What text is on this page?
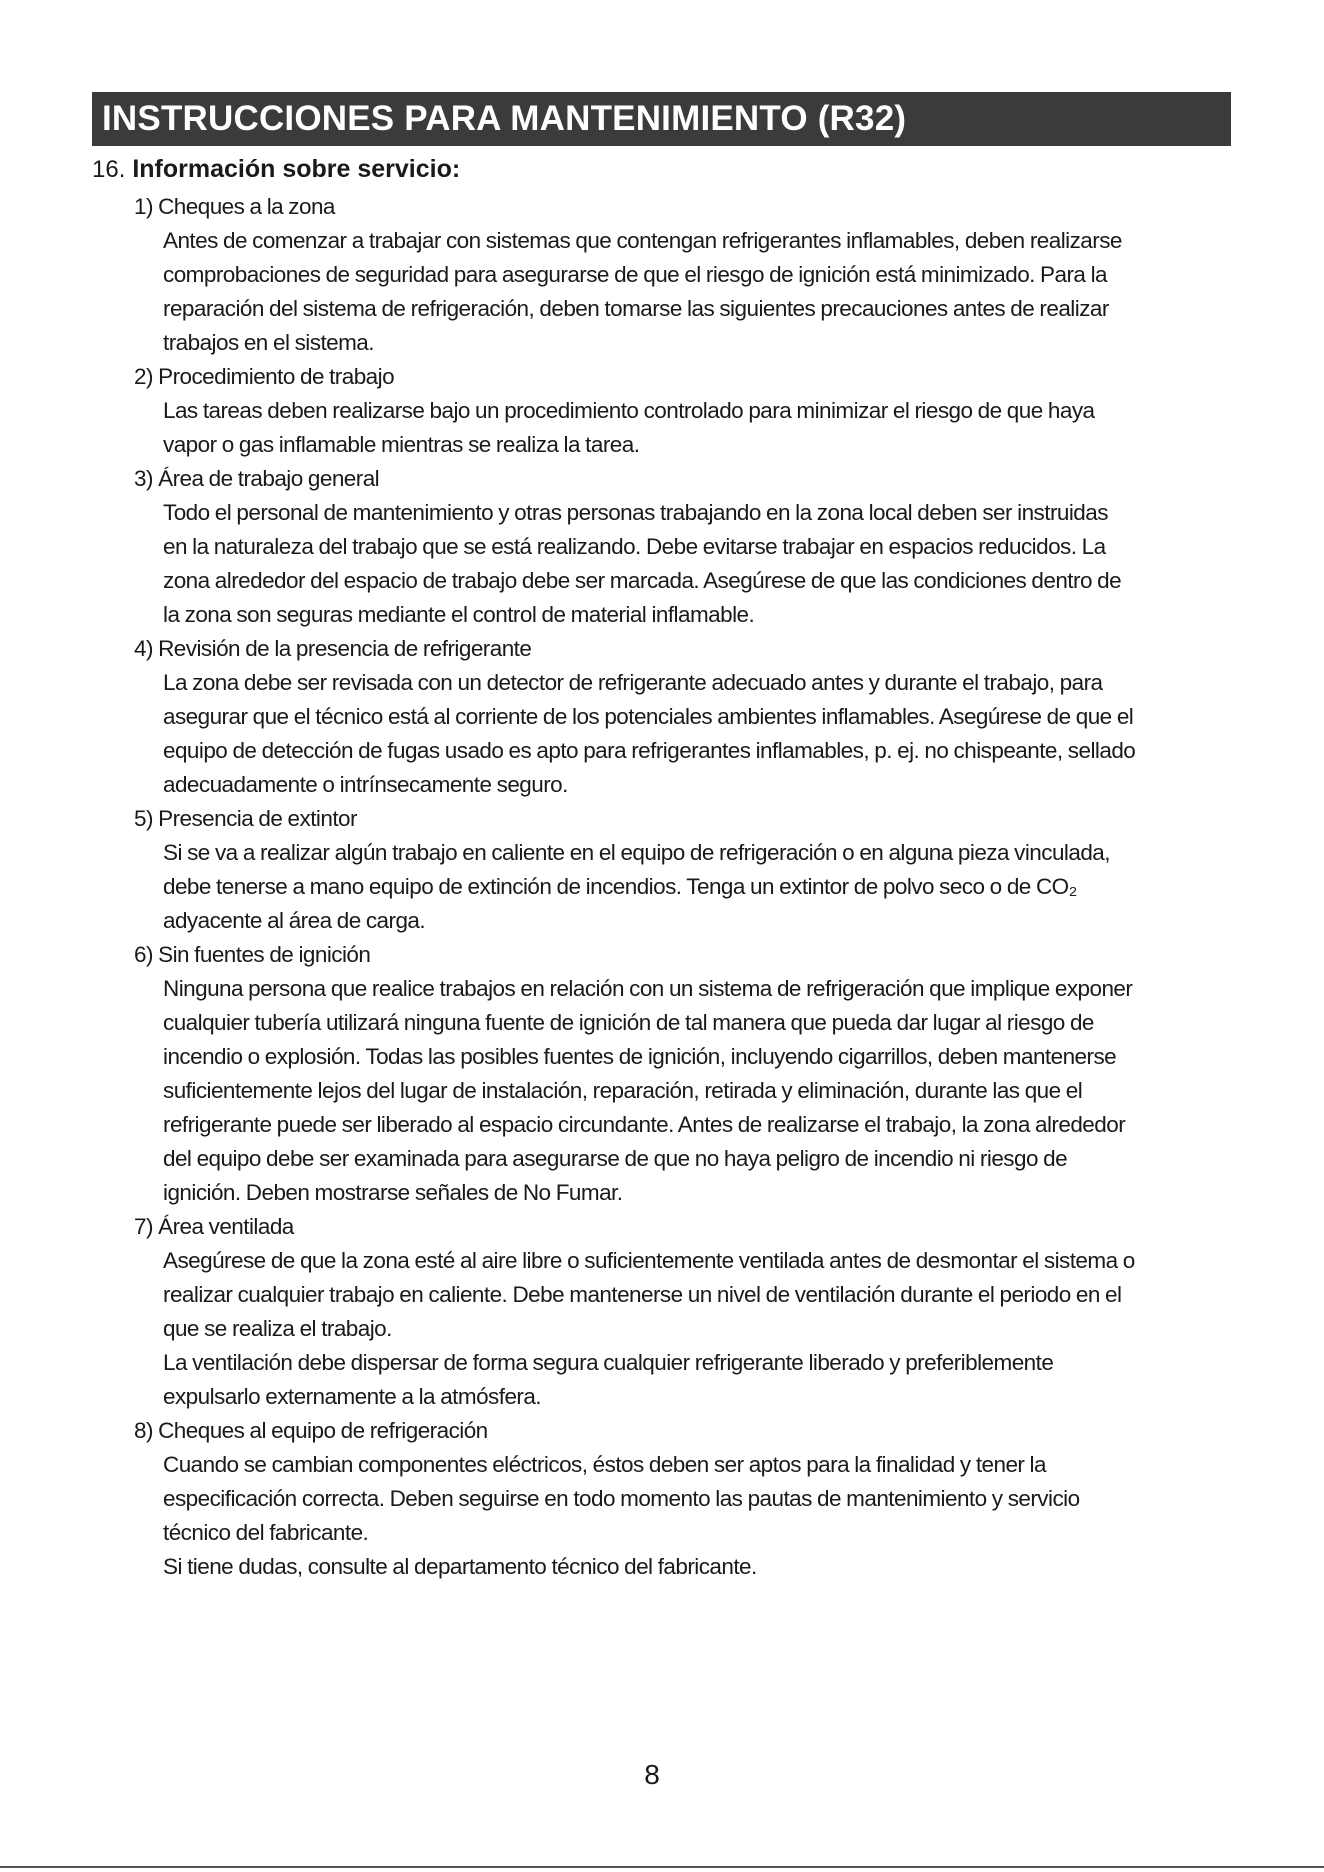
INSTRUCCIONES PARA MANTENIMIENTO (R32)
16. Información sobre servicio:
1) Cheques a la zona
Antes de comenzar a trabajar con sistemas que contengan refrigerantes inflamables, deben realizarse
comprobaciones de seguridad para asegurarse de que el riesgo de ignición está minimizado. Para la
reparación del sistema de refrigeración, deben tomarse las siguientes precauciones antes de realizar
trabajos en el sistema.
2) Procedimiento de trabajo
Las tareas deben realizarse bajo un procedimiento controlado para minimizar el riesgo de que haya
vapor o gas inflamable mientras se realiza la tarea.
3) Área de trabajo general
Todo el personal de mantenimiento y otras personas trabajando en la zona local deben ser instruidas
en la naturaleza del trabajo que se está realizando. Debe evitarse trabajar en espacios reducidos. La
zona alrededor del espacio de trabajo debe ser marcada. Asegúrese de que las condiciones dentro de
la zona son seguras mediante el control de material inflamable.
4) Revisión de la presencia de refrigerante
La zona debe ser revisada con un detector de refrigerante adecuado antes y durante el trabajo, para
asegurar que el técnico está al corriente de los potenciales ambientes inflamables. Asegúrese de que el
equipo de detección de fugas usado es apto para refrigerantes inflamables, p. ej. no chispeante, sellado
adecuadamente o intrínsecamente seguro.
5) Presencia de extintor
Si se va a realizar algún trabajo en caliente en el equipo de refrigeración o en alguna pieza vinculada,
debe tenerse a mano equipo de extinción de incendios. Tenga un extintor de polvo seco o de CO₂
adyacente al área de carga.
6) Sin fuentes de ignición
Ninguna persona que realice trabajos en relación con un sistema de refrigeración que implique exponer
cualquier tubería utilizará ninguna fuente de ignición de tal manera que pueda dar lugar al riesgo de
incendio o explosión. Todas las posibles fuentes de ignición, incluyendo cigarrillos, deben mantenerse
suficientemente lejos del lugar de instalación, reparación, retirada y eliminación, durante las que el
refrigerante puede ser liberado al espacio circundante. Antes de realizarse el trabajo, la zona alrededor
del equipo debe ser examinada para asegurarse de que no haya peligro de incendio ni riesgo de
ignición. Deben mostrarse señales de No Fumar.
7) Área ventilada
Asegúrese de que la zona esté al aire libre o suficientemente ventilada antes de desmontar el sistema o
realizar cualquier trabajo en caliente. Debe mantenerse un nivel de ventilación durante el periodo en el
que se realiza el trabajo.
La ventilación debe dispersar de forma segura cualquier refrigerante liberado y preferiblemente
expulsarlo externamente a la atmósfera.
8) Cheques al equipo de refrigeración
Cuando se cambian componentes eléctricos, éstos deben ser aptos para la finalidad y tener la
especificación correcta. Deben seguirse en todo momento las pautas de mantenimiento y servicio
técnico del fabricante.
Si tiene dudas, consulte al departamento técnico del fabricante.
8
